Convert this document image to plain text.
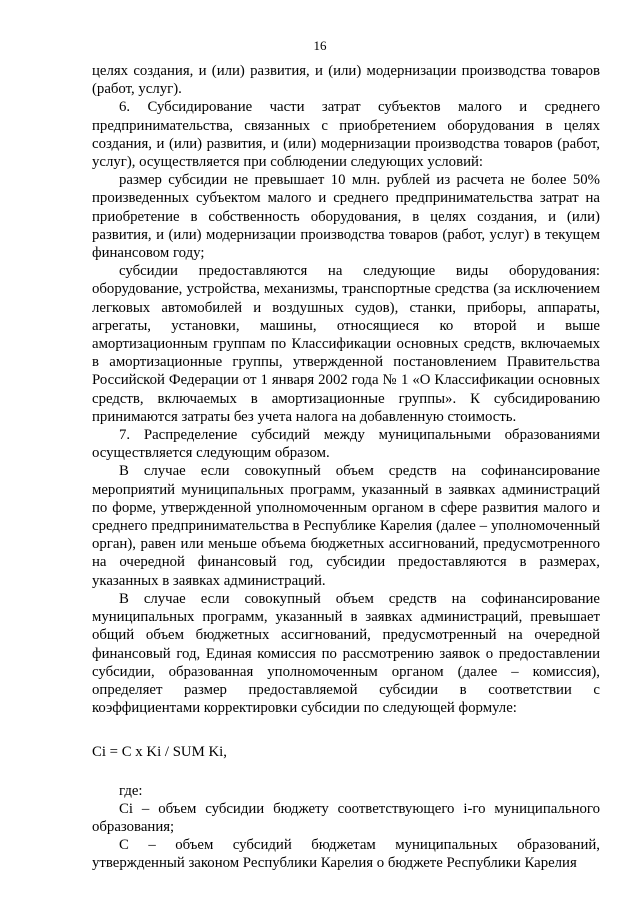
16

целях создания, и (или) развития, и (или) модернизации производства товаров (работ, услуг).

6. Субсидирование части затрат субъектов малого и среднего предпринимательства, связанных с приобретением оборудования в целях создания, и (или) развития, и (или) модернизации производства товаров (работ, услуг), осуществляется при соблюдении следующих условий:

размер субсидии не превышает 10 млн. рублей из расчета не более 50% произведенных субъектом малого и среднего предпринимательства затрат на приобретение в собственность оборудования, в целях создания, и (или) развития, и (или) модернизации производства товаров (работ, услуг) в текущем финансовом году;

субсидии предоставляются на следующие виды оборудования: оборудование, устройства, механизмы, транспортные средства (за исключением легковых автомобилей и воздушных судов), станки, приборы, аппараты, агрегаты, установки, машины, относящиеся ко второй и выше амортизационным группам по Классификации основных средств, включаемых в амортизационные группы, утвержденной постановлением Правительства Российской Федерации от 1 января 2002 года № 1 «О Классификации основных средств, включаемых в амортизационные группы». К субсидированию принимаются затраты без учета налога на добавленную стоимость.

7. Распределение субсидий между муниципальными образованиями осуществляется следующим образом.

В случае если совокупный объем средств на софинансирование мероприятий муниципальных программ, указанный в заявках администраций по форме, утвержденной уполномоченным органом в сфере развития малого и среднего предпринимательства в Республике Карелия (далее – уполномоченный орган), равен или меньше объема бюджетных ассигнований, предусмотренного на очередной финансовый год, субсидии предоставляются в размерах, указанных в заявках администраций.

В случае если совокупный объем средств на софинансирование муниципальных программ, указанный в заявках администраций, превышает общий объем бюджетных ассигнований, предусмотренный на очередной финансовый год, Единая комиссия по рассмотрению заявок о предоставлении субсидии, образованная уполномоченным органом (далее – комиссия), определяет размер предоставляемой субсидии в соответствии с коэффициентами корректировки субсидии по следующей формуле:

Ci = C x Ki / SUM Ki,

где:

Ci – объем субсидии бюджету соответствующего i-го муниципального образования;

C – объем субсидий бюджетам муниципальных образований, утвержденный законом Республики Карелия о бюджете Республики Карелия
